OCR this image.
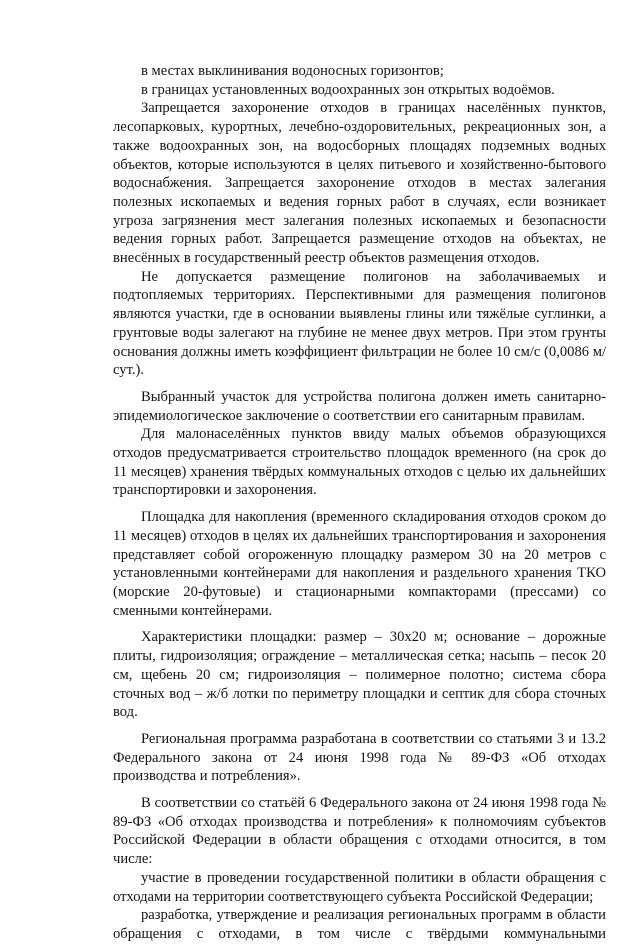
в местах выклинивания водоносных горизонтов;

в границах установленных водоохранных зон открытых водоёмов.

Запрещается захоронение отходов в границах населённых пунктов, лесопарковых, курортных, лечебно-оздоровительных, рекреационных зон, а также водоохранных зон, на водосборных площадях подземных водных объектов, которые используются в целях питьевого и хозяйственно-бытового водоснабжения. Запрещается захоронение отходов в местах залегания полезных ископаемых и ведения горных работ в случаях, если возникает угроза загрязнения мест залегания полезных ископаемых и безопасности ведения горных работ. Запрещается размещение отходов на объектах, не внесённых в государственный реестр объектов размещения отходов.

Не допускается размещение полигонов на заболачиваемых и подтопляемых территориях. Перспективными для размещения полигонов являются участки, где в основании выявлены глины или тяжёлые суглинки, а грунтовые воды залегают на глубине не менее двух метров. При этом грунты основания должны иметь коэффициент фильтрации не более 10 см/с (0,0086 м/сут.).

Выбранный участок для устройства полигона должен иметь санитарно-эпидемиологическое заключение о соответствии его санитарным правилам.

Для малонаселённых пунктов ввиду малых объемов образующихся отходов предусматривается строительство площадок временного (на срок до 11 месяцев) хранения твёрдых коммунальных отходов с целью их дальнейших транспортировки и захоронения.

Площадка для накопления (временного складирования отходов сроком до 11 месяцев) отходов в целях их дальнейших транспортирования и захоронения представляет собой огороженную площадку размером 30 на 20 метров с установленными контейнерами для накопления и раздельного хранения ТКО (морские 20-футовые) и стационарными компакторами (прессами) со сменными контейнерами.

Характеристики площадки: размер – 30х20 м; основание – дорожные плиты, гидроизоляция; ограждение – металлическая сетка; насыпь – песок 20 см, щебень 20 см; гидроизоляция – полимерное полотно; система сбора сточных вод – ж/б лотки по периметру площадки и септик для сбора сточных вод.

Региональная программа разработана в соответствии со статьями 3 и 13.2 Федерального закона от 24 июня 1998 года № 89-ФЗ «Об отходах производства и потребления».

В соответствии со статьёй 6 Федерального закона от 24 июня 1998 года № 89-ФЗ «Об отходах производства и потребления» к полномочиям субъектов Российской Федерации в области обращения с отходами относится, в том числе:

участие в проведении государственной политики в области обращения с отходами на территории соответствующего субъекта Российской Федерации;

разработка, утверждение и реализация региональных программ в области обращения с отходами, в том числе с твёрдыми коммунальными
